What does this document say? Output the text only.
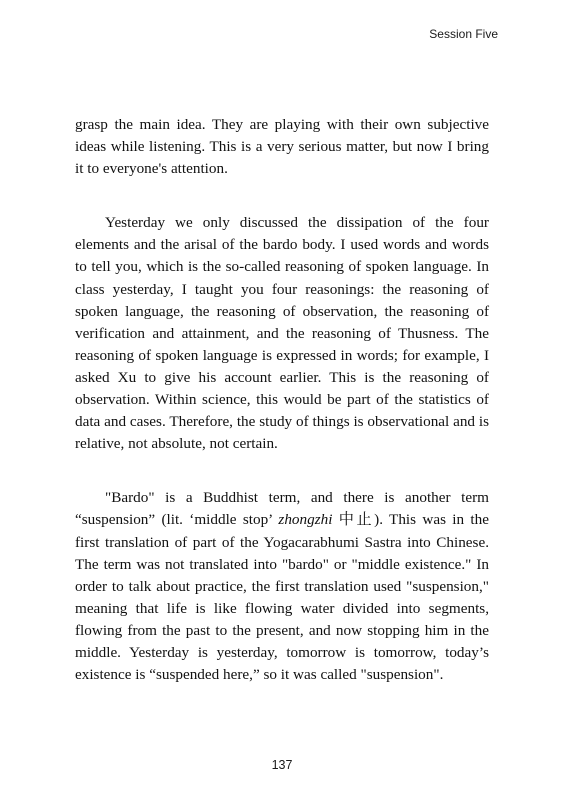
Session Five

grasp the main idea. They are playing with their own subjective ideas while listening. This is a very serious matter, but now I bring it to everyone's attention.

Yesterday we only discussed the dissipation of the four elements and the arisal of the bardo body. I used words and words to tell you, which is the so-called reasoning of spoken language. In class yesterday, I taught you four reasonings: the reasoning of spoken language, the reasoning of observation, the reasoning of verification and attainment, and the reasoning of Thusness. The reasoning of spoken language is expressed in words; for example, I asked Xu to give his account earlier. This is the reasoning of observation. Within science, this would be part of the statistics of data and cases. Therefore, the study of things is observational and is relative, not absolute, not certain.

"Bardo" is a Buddhist term, and there is another term “suspension” (lit. ‘middle stop’ zhongzhi 中止). This was in the first translation of part of the Yogacarabhumi Sastra into Chinese. The term was not translated into "bardo" or "middle existence." In order to talk about practice, the first translation used "suspension," meaning that life is like flowing water divided into segments, flowing from the past to the present, and now stopping him in the middle. Yesterday is yesterday, tomorrow is tomorrow, today’s existence is “suspended here,” so it was called "suspension".

137
